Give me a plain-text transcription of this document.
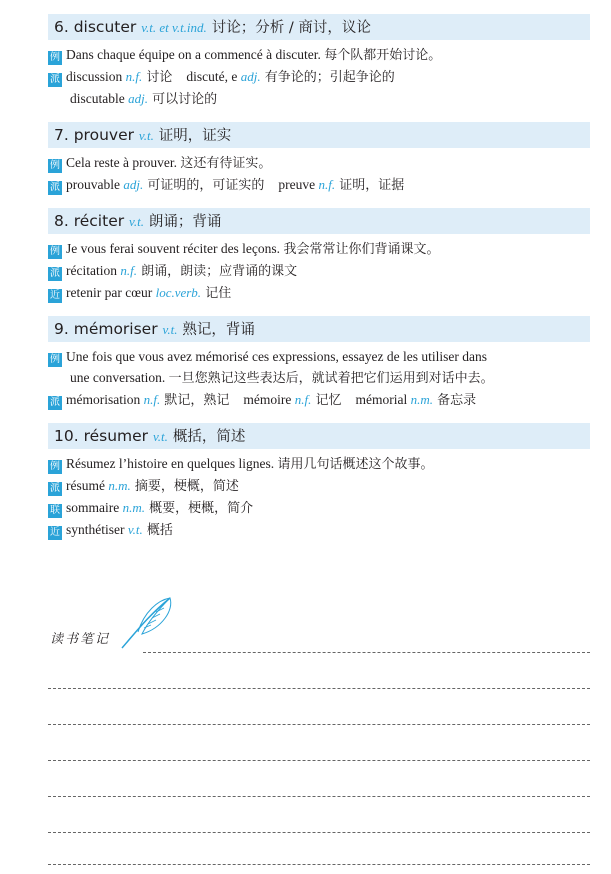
6. discuter v.t. et v.t.ind. 讨论；分析 / 商讨，议论
例 Dans chaque équipe on a commencé à discuter. 每个队都开始讨论。
派 discussion n.f. 讨论 discuté, e adj. 有争论的；引起争论的
discutable adj. 可以讨论的
7. prouver v.t. 证明，证实
例 Cela reste à prouver. 这还有待证实。
派 prouvable adj. 可证明的，可证实的 preuve n.f. 证明，证据
8. réciter v.t. 朗诵；背诵
例 Je vous ferai souvent réciter des leçons. 我会常常让你们背诵课文。
派 récitation n.f. 朗诵，朗读；应背诵的课文
近 retenir par cœur loc.verb. 记住
9. mémoriser v.t. 熟记，背诵
例 Une fois que vous avez mémorisé ces expressions, essayez de les utiliser dans
une conversation. 一旦您熟记这些表达后，就试着把它们运用到对话中去。
派 mémorisation n.f. 默记，熟记 mémoire n.f. 记忆 mémorial n.m. 备忘录
10. résumer v.t. 概括，简述
例 Résumez l’histoire en quelques lignes. 请用几句话概述这个故事。
派 résumé n.m. 摘要，梗概，简述
联 sommaire n.m. 概要，梗概，简介
近 synthétiser v.t. 概括
读书笔记
